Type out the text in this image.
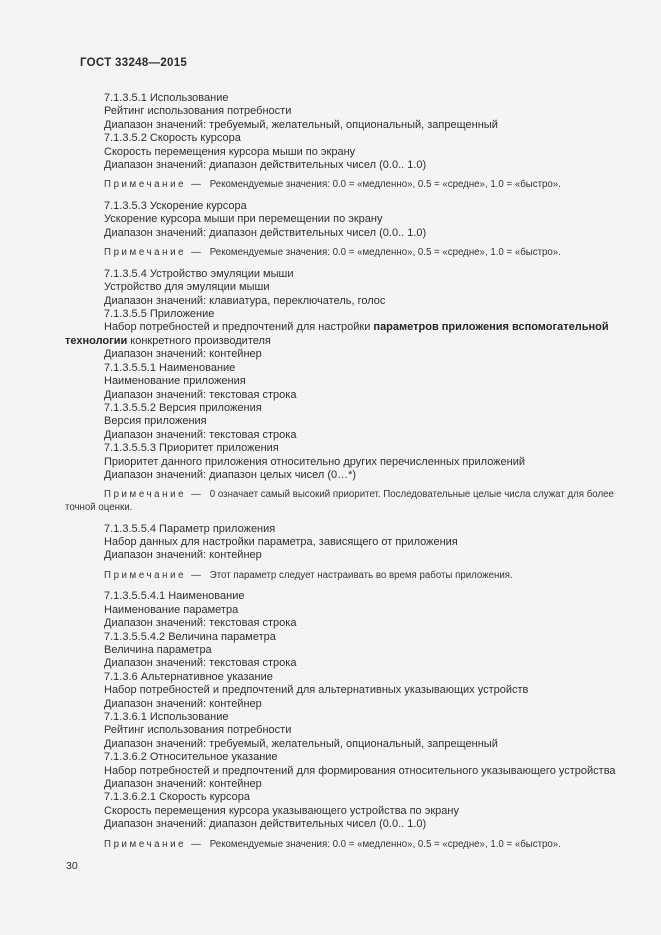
ГОСТ 33248—2015

7.1.3.5.1 Использование

Рейтинг использования потребности

Диапазон значений: требуемый, желательный, опциональный, запрещенный

7.1.3.5.2 Скорость курсора

Скорость перемещения курсора мыши по экрану

Диапазон значений: диапазон действительных чисел (0.0.. 1.0)

Примечание — Рекомендуемые значения: 0.0 = «медленно», 0.5 = «средне», 1.0 = «быстро».

7.1.3.5.3 Ускорение курсора

Ускорение курсора мыши при перемещении по экрану

Диапазон значений: диапазон действительных чисел (0.0.. 1.0)

Примечание — Рекомендуемые значения: 0.0 = «медленно», 0.5 = «средне», 1.0 = «быстро».

7.1.3.5.4 Устройство эмуляции мыши

Устройство для эмуляции мыши

Диапазон значений: клавиатура, переключатель, голос

7.1.3.5.5 Приложение

Набор потребностей и предпочтений для настройки параметров приложения вспомогательной технологии конкретного производителя

Диапазон значений: контейнер

7.1.3.5.5.1 Наименование

Наименование приложения

Диапазон значений: текстовая строка

7.1.3.5.5.2 Версия приложения

Версия приложения

Диапазон значений: текстовая строка

7.1.3.5.5.3 Приоритет приложения

Приоритет данного приложения относительно других перечисленных приложений

Диапазон значений: диапазон целых чисел (0…*)

Примечание — 0 означает самый высокий приоритет. Последовательные целые числа служат для более точной оценки.

7.1.3.5.5.4 Параметр приложения

Набор данных для настройки параметра, зависящего от приложения

Диапазон значений: контейнер

Примечание — Этот параметр следует настраивать во время работы приложения.

7.1.3.5.5.4.1 Наименование

Наименование параметра

Диапазон значений: текстовая строка

7.1.3.5.5.4.2 Величина параметра

Величина параметра

Диапазон значений: текстовая строка

7.1.3.6 Альтернативное указание

Набор потребностей и предпочтений для альтернативных указывающих устройств

Диапазон значений: контейнер

7.1.3.6.1 Использование

Рейтинг использования потребности

Диапазон значений: требуемый, желательный, опциональный, запрещенный

7.1.3.6.2 Относительное указание

Набор потребностей и предпочтений для формирования относительного указывающего устройства

Диапазон значений: контейнер

7.1.3.6.2.1 Скорость курсора

Скорость перемещения курсора указывающего устройства по экрану

Диапазон значений: диапазон действительных чисел (0.0.. 1.0)

Примечание — Рекомендуемые значения: 0.0 = «медленно», 0.5 = «средне», 1.0 = «быстро».

30
